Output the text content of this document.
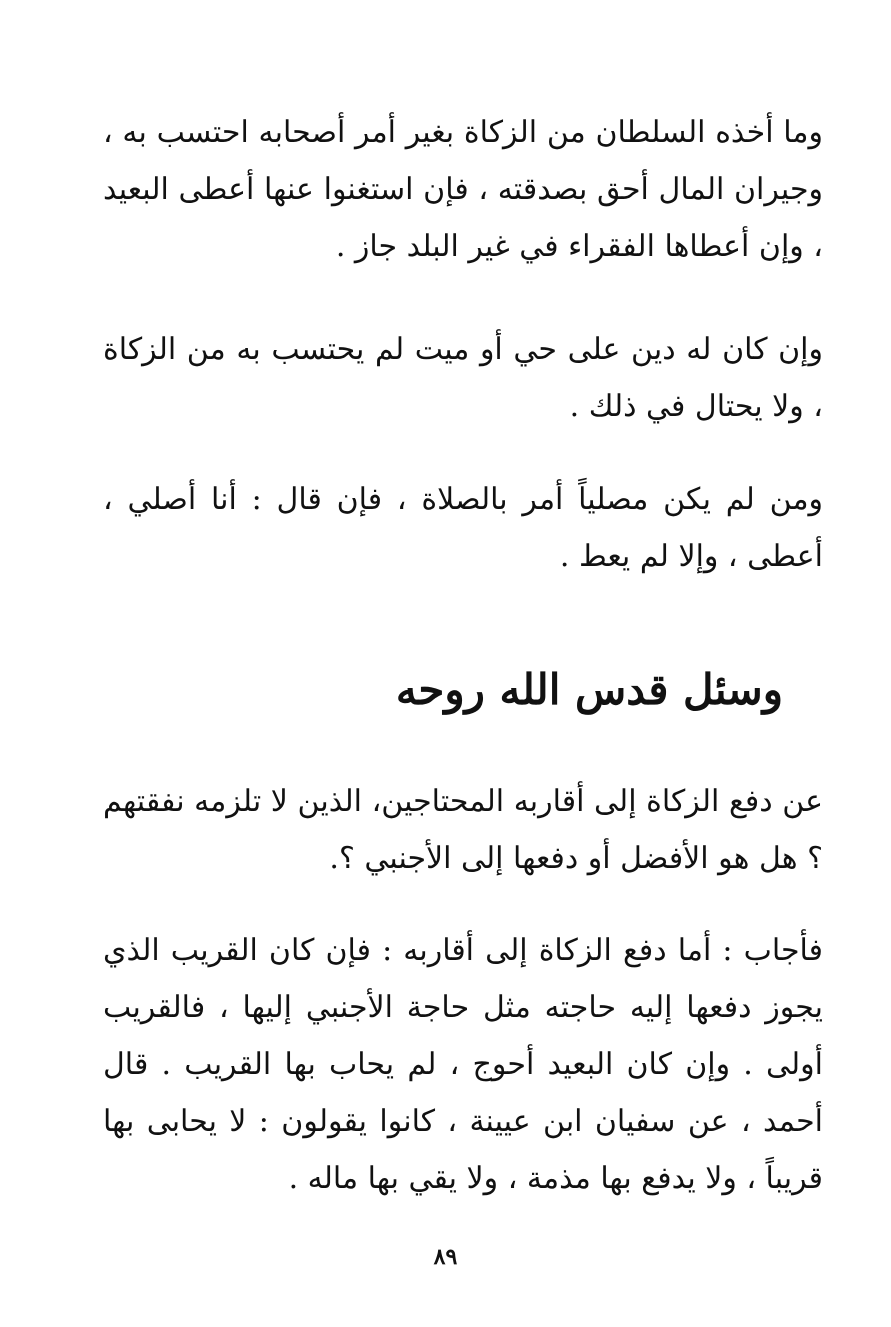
وما أخذه السلطان من الزكاة بغير أمر أصحابه احتسب به ، وجيران المال أحق بصدقته ، فإن استغنوا عنها أعطى البعيد ، وإن أعطاها الفقراء في غير البلد جاز .

وإن كان له دين على حي أو ميت لم يحتسب به من الزكاة ، ولا يحتال في ذلك .

ومن لم يكن مصلياً أمر بالصلاة ، فإن قال : أنا أصلي ، أعطى ، وإلا لم يعط .

وسئل قدس الله روحه

عن دفع الزكاة إلى أقاربه المحتاجين، الذين لا تلزمه نفقتهم ؟ هل هو الأفضل أو دفعها إلى الأجنبي ؟.

فأجاب : أما دفع الزكاة إلى أقاربه : فإن كان القريب الذي يجوز دفعها إليه حاجته مثل حاجة الأجنبي إليها ، فالقريب أولى . وإن كان البعيد أحوج ، لم يحاب بها القريب . قال أحمد ، عن سفيان ابن عيينة ، كانوا يقولون : لا يحابى بها قريباً ، ولا يدفع بها مذمة ، ولا يقي بها ماله .

٨٩
